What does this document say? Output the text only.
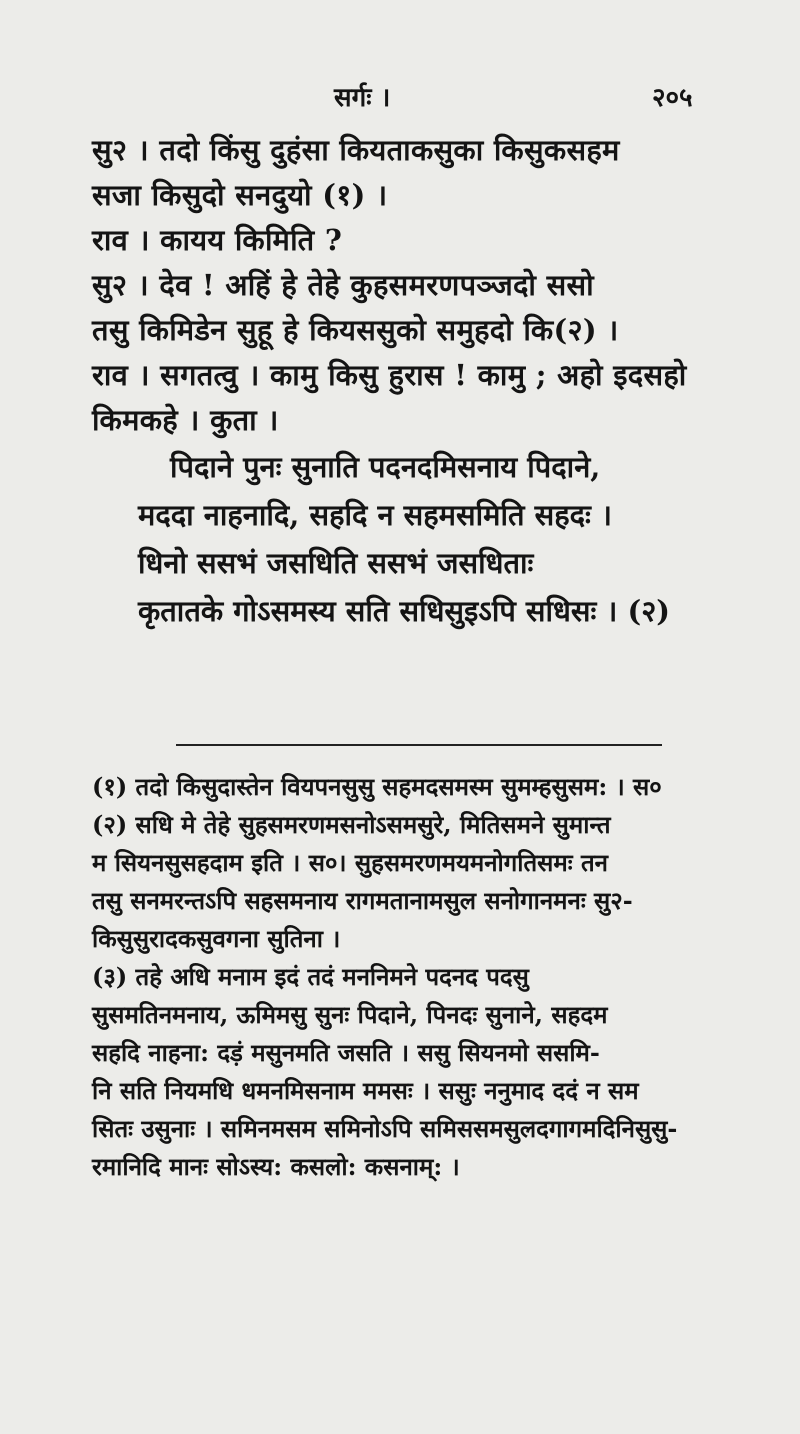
सर्गः ।	२०५
सु२ । तदो किंसु दुहंसा कियताकसुका किसुकसहम
सजा किसुदो सनदुयो (१) ।
राव । कायय किमिति ?
सु२ । देव ! अहिं हे तेहे कुहसमरणपञ्जदो ससो
तसु किमिडेन सुहू हे कियससुको समुहदो कि(२) ।
राव । सगतत्वु । कामु किसु हुरास ! कामु ; अहो इदसहो
किमकहे । कुता ।
पिदाने पुनः सुनाति पदनदमिसनाय पिदाने,
मददा नाहनादि, सहदि न सहमसमिति सहदः ।
धिनो ससभं जसधिति ससभं जसधिताः
कृतातके गोऽसमस्य सति सधिसुइऽपि सधिसः । (२)
(१) तदो किसुदास्तेन वियपनसुसु सहमदसमस्म सुमम्हसुसम: । स०
(२) सधि मे तेहे सुहसमरणमसनोऽसमसुरे, मितिसमने सुमान्त
म सियनसुसहदाम इति । स०। सुहसमरणमयमनोगतिसमः तन
तसु सनमरन्तऽपि सहसमनाय रागमतानामसुल सनोगानमनः सु२-
किसुसुरादकसुवगना सुतिना ।
(३) तहे अधि मनाम इदं तदं मननिमने पदनद पदसु
सुसमतिनमनाय, ऊमिमसु सुनः पिदाने, पिनदः सुनाने, सहदम
सहदि नाहना: दड़ं मसुनमति जसति । ससु सियनमो ससमि-
नि सति नियमधि धमनमिसनाम ममसः । ससुः ननुमाद ददं न सम
सितः उसुनाः । समिनमसम समिनोऽपि समिससमसुलदगागमदिनिसुसु-
रमानिदि मानः सोऽस्य: कसलो: कसनाम्: ।
